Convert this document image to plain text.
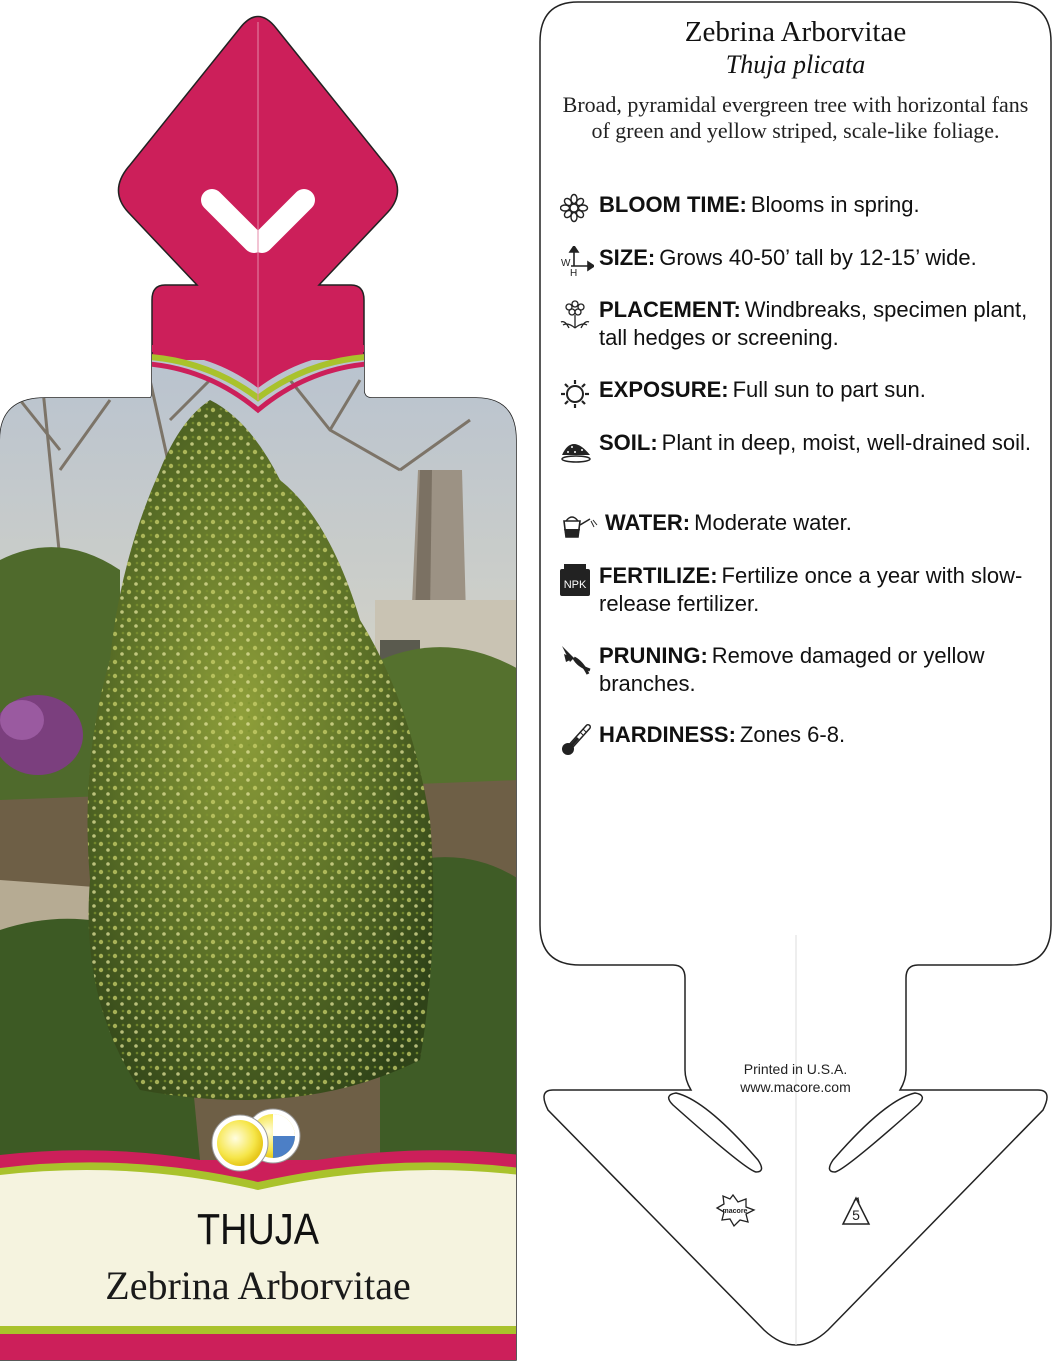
THUJA
Zebrina Arborvitae
macore	5
Zebrina Arborvitae
Thuja plicata
Broad, pyramidal evergreen tree with horizontal fans of green and yellow striped, scale-like foliage.
BLOOM TIME: Blooms in spring.
W
H
SIZE: Grows 40-50’ tall by 12-15’ wide.
PLACEMENT: Windbreaks, specimen plant, tall hedges or screening.
EXPOSURE: Full sun to part sun.
SOIL: Plant in deep, moist, well-drained soil.
WATER: Moderate water.
NPK FERTILIZE: Fertilize once a year with slow-release fertilizer.
PRUNING: Remove damaged or yellow branches.
HARDINESS: Zones 6-8.
Printed in U.S.A.
www.macore.com
